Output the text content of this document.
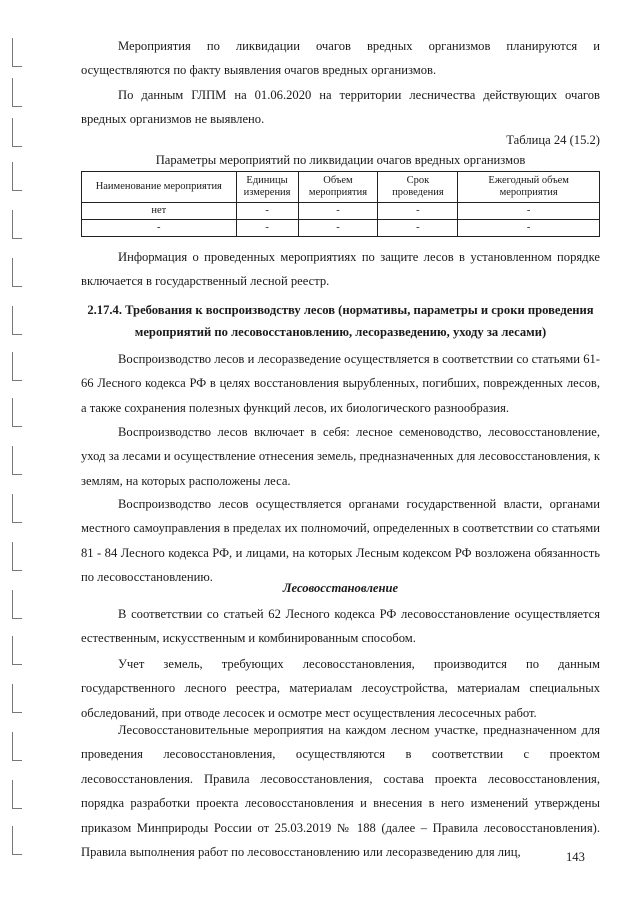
Мероприятия по ликвидации очагов вредных организмов планируются и осуществляются по факту выявления очагов вредных организмов.

По данным ГЛПМ на 01.06.2020 на территории лесничества действующих очагов вредных организмов не выявлено.

Таблица 24 (15.2)

Параметры мероприятий по ликвидации очагов вредных организмов

Наименование мероприятия	Единицы измерения	Объем мероприятия	Срок проведения	Ежегодный объем мероприятия
нет	-	-	-	-
-	-	-	-	-

Информация о проведенных мероприятиях по защите лесов в установленном порядке включается в государственный лесной реестр.

2.17.4. Требования к воспроизводству лесов (нормативы, параметры и сроки проведения мероприятий по лесовосстановлению, лесоразведению, уходу за лесами)

Воспроизводство лесов и лесоразведение осуществляется в соответствии со статьями 61-66 Лесного кодекса РФ в целях восстановления вырубленных, погибших, поврежденных лесов, а также сохранения полезных функций лесов, их биологического разнообразия.

Воспроизводство лесов включает в себя: лесное семеноводство, лесовосстановление, уход за лесами и осуществление отнесения земель, предназначенных для лесовосстановления, к землям, на которых расположены леса.

Воспроизводство лесов осуществляется органами государственной власти, органами местного самоуправления в пределах их полномочий, определенных в соответствии со статьями 81 - 84 Лесного кодекса РФ, и лицами, на которых Лесным кодексом РФ возложена обязанность по лесовосстановлению.

Лесовосстановление

В соответствии со статьей 62 Лесного кодекса РФ лесовосстановление осуществляется естественным, искусственным и комбинированным способом.

Учет земель, требующих лесовосстановления, производится по данным государственного лесного реестра, материалам лесоустройства, материалам специальных обследований, при отводе лесосек и осмотре мест осуществления лесосечных работ.

Лесовосстановительные мероприятия на каждом лесном участке, предназначенном для проведения лесовосстановления, осуществляются в соответствии с проектом лесовосстановления. Правила лесовосстановления, состава проекта лесовосстановления, порядка разработки проекта лесовосстановления и внесения в него изменений утверждены приказом Минприроды России от 25.03.2019 № 188 (далее – Правила лесовосстановления). Правила выполнения работ по лесовосстановлению или лесоразведению для лиц,	143
